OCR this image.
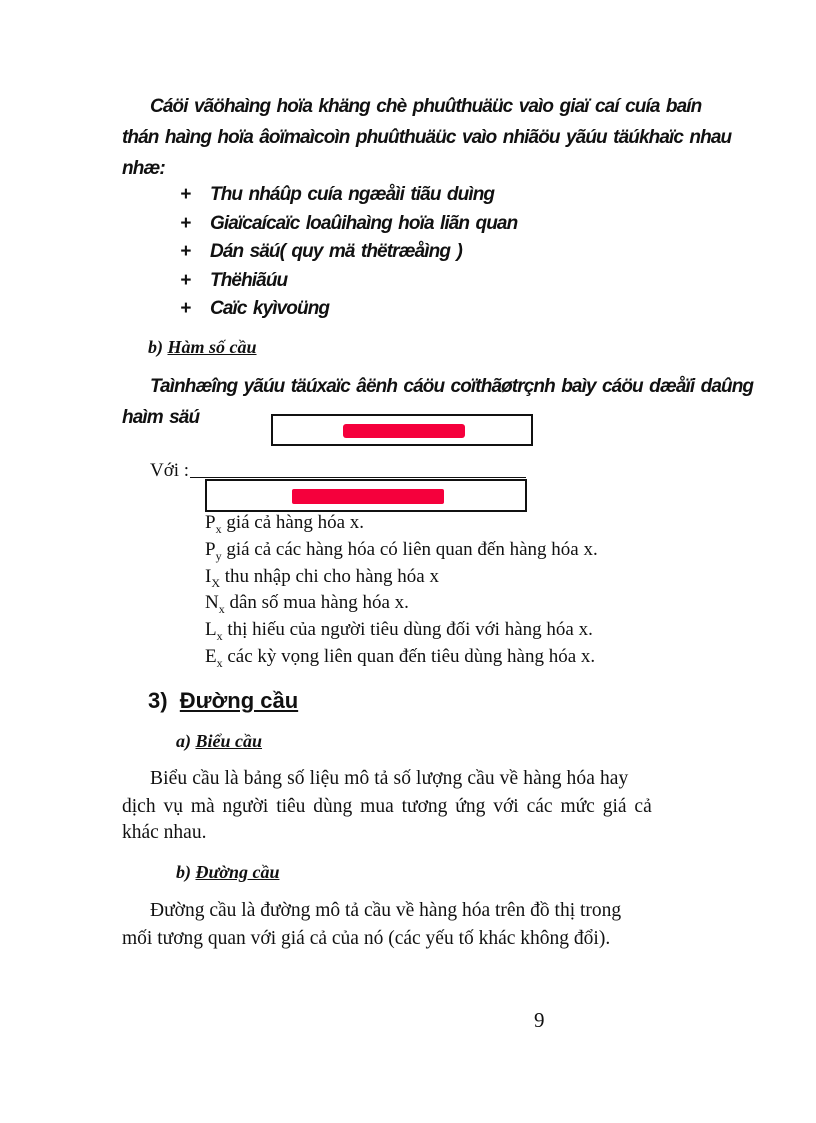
Cáöi vãöhaìng hoïa khäng chè phuûthuäüc vaìo giaï caí cuía baín
thán haìng hoïa âoïmaìcoìn phuûthuäüc vaìo nhiãöu yãúu täúkhaïc nhau
nhæ:
+ Thu nháûp cuía ngæåìi tiãu duìng
+ Giaïcaícaïc loaûihaìng hoïa liãn quan
+ Dán säú( quy mä thëtræåìng )
+ Thëhiãúu
+ Caïc kyìvoüng
b) Hàm số cầu
Taìnhæîng yãúu täúxaïc âënh cáöu coïthãøtrçnh baìy cáöu dæåïi daûng
haìm säú
Với :
$P_x$ giá cả hàng hóa x.
$P_y$ giá cả các hàng hóa có liên quan đến hàng hóa x.
$I_X$ thu nhập chi cho hàng hóa x
$N_x$ dân số mua hàng hóa x.
$L_x$ thị hiếu của người tiêu dùng đối với hàng hóa x.
$E_x$ các kỳ vọng liên quan đến tiêu dùng hàng hóa x.
3) Đường cầu
a) Biểu cầu
Biểu cầu là bảng số liệu mô tả số lượng cầu về hàng hóa hay
dịch vụ mà người tiêu dùng mua tương ứng với các mức giá cả
khác nhau.
b) Đường cầu
Đường cầu là đường mô tả cầu về hàng hóa trên đồ thị trong
mối tương quan với giá cả của nó (các yếu tố khác không đổi).
9
